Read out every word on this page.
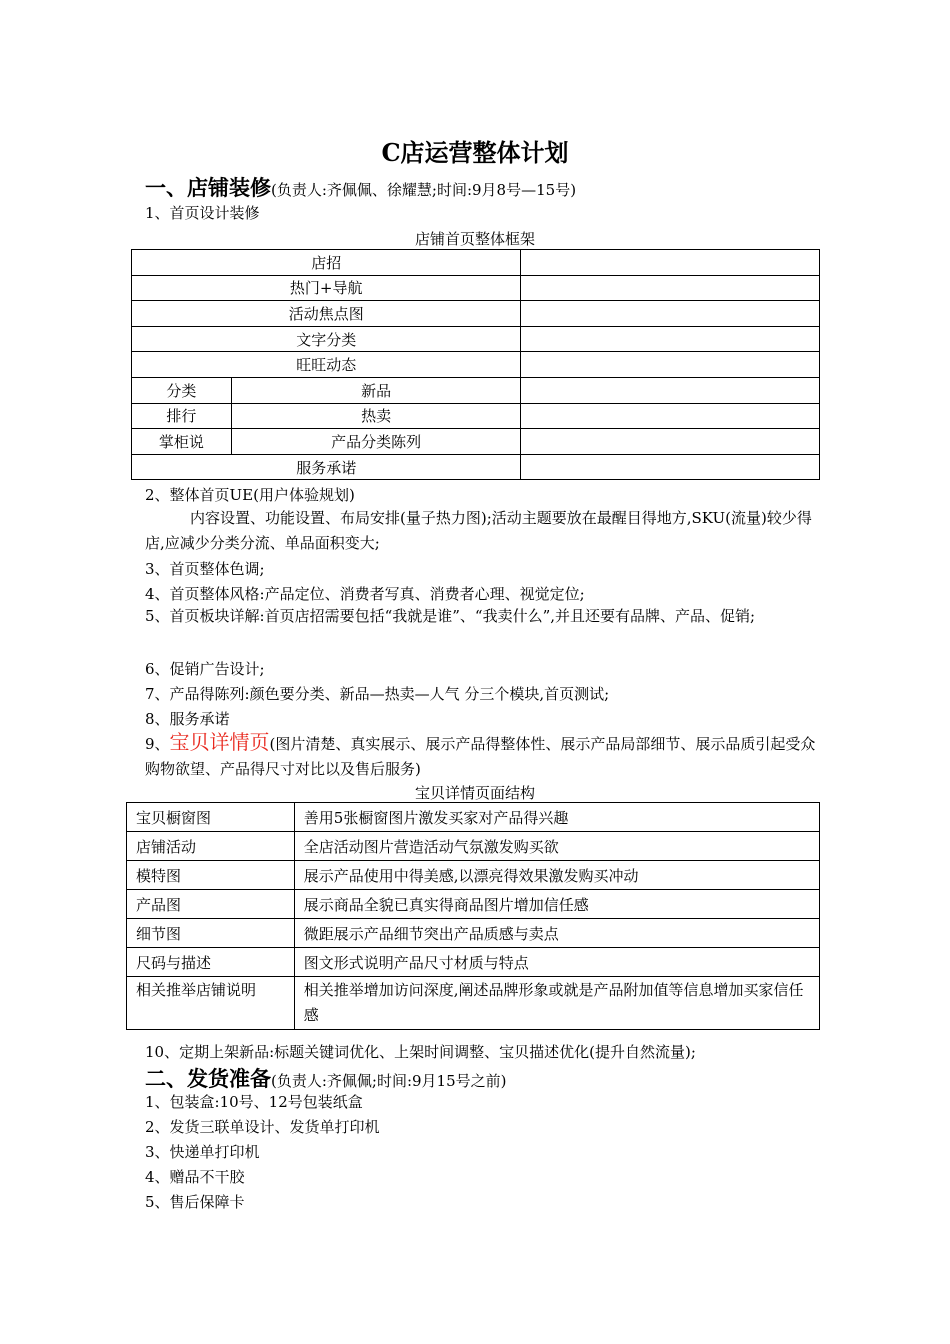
C店运营整体计划
一、店铺装修(负责人:齐佩佩、徐耀慧;时间:9月8号—15号)
1、首页设计装修
店铺首页整体框架
店招		
热门+导航		
活动焦点图		
文字分类		
旺旺动态		
分类	新品	
排行	热卖	
掌柜说	产品分类陈列	
服务承诺		
2、整体首页UE(用户体验规划)
内容设置、功能设置、布局安排(量子热力图);活动主题要放在最醒目得地方,SKU(流量)较少得店,应减少分类分流、单品面积变大;
3、首页整体色调;
4、首页整体风格:产品定位、消费者写真、消费者心理、视觉定位;
5、首页板块详解:首页店招需要包括“我就是谁”、“我卖什么”,并且还要有品牌、产品、促销;
6、促销广告设计;
7、产品得陈列:颜色要分类、新品—热卖—人气 分三个模块,首页测试;
8、服务承诺
9、宝贝详情页(图片清楚、真实展示、展示产品得整体性、展示产品局部细节、展示品质引起受众购物欲望、产品得尺寸对比以及售后服务)
宝贝详情页面结构
宝贝橱窗图	善用5张橱窗图片激发买家对产品得兴趣
店铺活动	全店活动图片营造活动气氛激发购买欲
模特图	展示产品使用中得美感,以漂亮得效果激发购买冲动
产品图	展示商品全貌已真实得商品图片增加信任感
细节图	微距展示产品细节突出产品质感与卖点
尺码与描述	图文形式说明产品尺寸材质与特点
相关推举店铺说明	相关推举增加访问深度,阐述品牌形象或就是产品附加值等信息增加买家信任感
10、定期上架新品:标题关键词优化、上架时间调整、宝贝描述优化(提升自然流量);
二、发货准备(负责人:齐佩佩;时间:9月15号之前)
1、包装盒:10号、12号包装纸盒
2、发货三联单设计、发货单打印机
3、快递单打印机
4、赠品不干胶
5、售后保障卡
